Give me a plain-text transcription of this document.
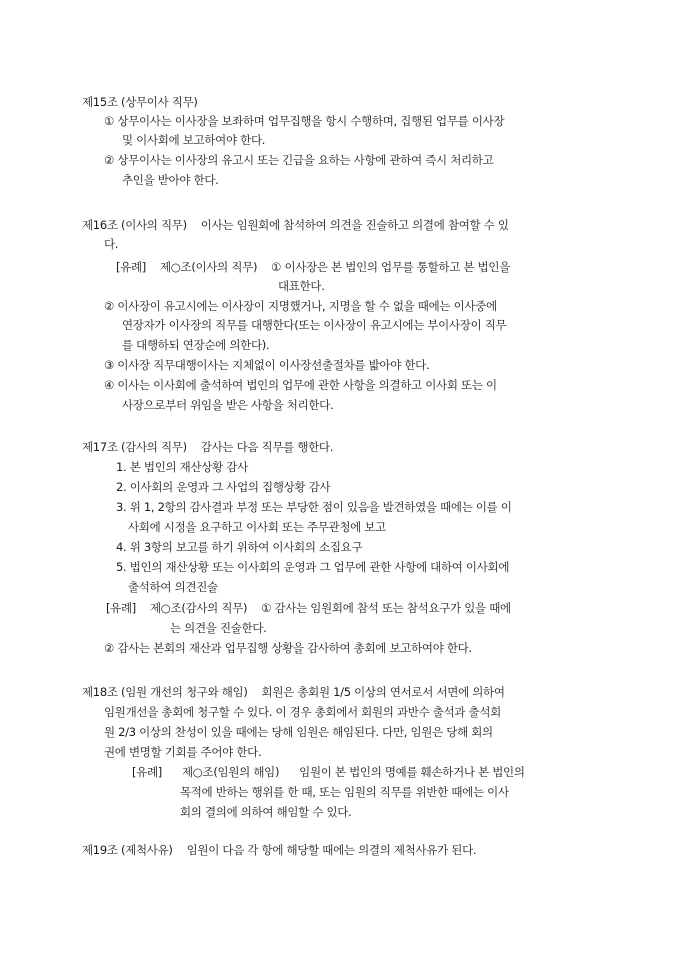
제15조 (상무이사 직무)
① 상무이사는 이사장을 보좌하며 업무집행을 항시 수행하며, 집행된 업무를 이사장
및 이사회에 보고하여야 한다.
② 상무이사는 이사장의 유고시 또는 긴급을 요하는 사항에 관하여 즉시 처리하고
추인을 받아야 한다.
제16조 (이사의 직무) 이사는 임원회에 참석하여 의견을 진술하고 의결에 참여할 수 있
다.
[유례] 제○조(이사의 직무) ① 이사장은 본 법인의 업무를 통할하고 본 법인을
대표한다.
② 이사장이 유고시에는 이사장이 지명했거나, 지명을 할 수 없을 때에는 이사중에
연장자가 이사장의 직무를 대행한다(또는 이사장이 유고시에는 부이사장이 직무
를 대행하되 연장순에 의한다).
③ 이사장 직무대행이사는 지체없이 이사장선출절차를 밟아야 한다.
④ 이사는 이사회에 출석하여 법인의 업무에 관한 사항을 의결하고 이사회 또는 이
사장으로부터 위임을 받은 사항을 처리한다.
제17조 (감사의 직무) 감사는 다음 직무를 행한다.
1. 본 법인의 재산상황 감사
2. 이사회의 운영과 그 사업의 집행상황 감사
3. 위 1, 2항의 감사결과 부정 또는 부당한 점이 있음을 발견하였을 때에는 이를 이
사회에 시정을 요구하고 이사회 또는 주무관청에 보고
4. 위 3항의 보고를 하기 위하여 이사회의 소집요구
5. 법인의 재산상황 또는 이사회의 운영과 그 업무에 관한 사항에 대하여 이사회에
출석하여 의견진술
[유례] 제○조(감사의 직무) ① 감사는 임원회에 참석 또는 참석요구가 있을 때에
는 의견을 진술한다.
② 감사는 본회의 재산과 업무집행 상황을 감사하여 총회에 보고하여야 한다.
제18조 (임원 개선의 청구와 해임) 회원은 총회원 1/5 이상의 연서로서 서면에 의하여
임원개선을 총회에 청구할 수 있다. 이 경우 총회에서 회원의 과반수 출석과 출석회
원 2/3 이상의 찬성이 있을 때에는 당해 임원은 해임된다. 다만, 임원은 당해 회의
권에 변명할 기회를 주어야 한다.
[유례] 제○조(임원의 해임) 임원이 본 법인의 명예를 훼손하거나 본 법인의
목적에 반하는 행위를 한 때, 또는 임원의 직무를 위반한 때에는 이사
회의 결의에 의하여 해임할 수 있다.
제19조 (제척사유) 임원이 다음 각 항에 해당할 때에는 의결의 제척사유가 된다.
